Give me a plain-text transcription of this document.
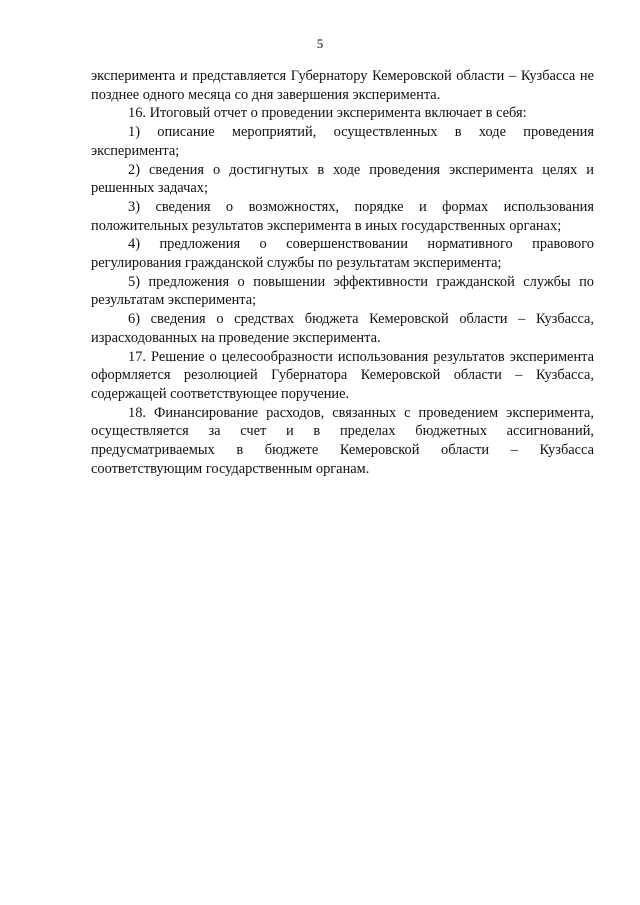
5

эксперимента и представляется Губернатору Кемеровской области – Кузбасса не позднее одного месяца со дня завершения эксперимента.

16. Итоговый отчет о проведении эксперимента включает в себя:

1) описание мероприятий, осуществленных в ходе проведения эксперимента;

2) сведения о достигнутых в ходе проведения эксперимента целях и решенных задачах;

3) сведения о возможностях, порядке и формах использования положительных результатов эксперимента в иных государственных органах;

4) предложения о совершенствовании нормативного правового регулирования гражданской службы по результатам эксперимента;

5) предложения о повышении эффективности гражданской службы по результатам эксперимента;

6) сведения о средствах бюджета Кемеровской области – Кузбасса, израсходованных на проведение эксперимента.

17. Решение о целесообразности использования результатов эксперимента оформляется резолюцией Губернатора Кемеровской области – Кузбасса, содержащей соответствующее поручение.

18. Финансирование расходов, связанных с проведением эксперимента, осуществляется за счет и в пределах бюджетных ассигнований, предусматриваемых в бюджете Кемеровской области – Кузбасса соответствующим государственным органам.
